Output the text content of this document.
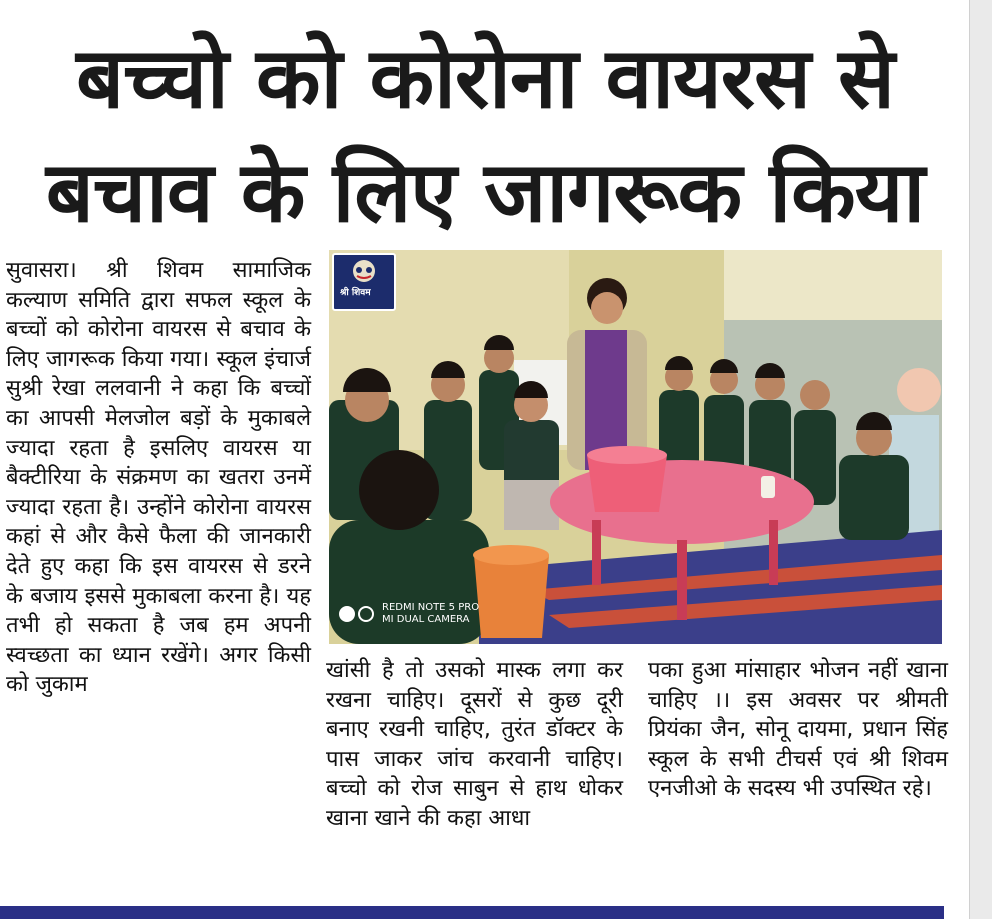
बच्चो को कोरोना वायरस से
बचाव के लिए जागरूक किया

सुवासरा। श्री शिवम सामाजिक कल्याण समिति द्वारा सफल स्कूल के बच्चों को कोरोना वायरस से बचाव के लिए जागरूक किया गया। स्कूल इंचार्ज सुश्री रेखा ललवानी ने कहा कि बच्चों का आपसी मेलजोल बड़ों के मुकाबले ज्यादा रहता है इसलिए वायरस या बैक्टीरिया के संक्रमण का खतरा उनमें ज्यादा रहता है। उन्होंने कोरोना वायरस कहां से और कैसे फैला की जानकारी देते हुए कहा कि इस वायरस से डरने के बजाय इससे मुकाबला करना है। यह तभी हो सकता है जब हम अपनी स्वच्छता का ध्यान रखेंगे। अगर किसी को जुकाम

श्री शिवम
REDMI NOTE 5 PRO
MI DUAL CAMERA

खांसी है तो उसको मास्क लगा कर रखना चाहिए। दूसरों से कुछ दूरी बनाए रखनी चाहिए, तुरंत डॉक्टर के पास जाकर जांच करवानी चाहिए। बच्चो को रोज साबुन से हाथ धोकर खाना खाने की कहा आधा

पका हुआ मांसाहार भोजन नहीं खाना चाहिए ।। इस अवसर पर श्रीमती प्रियंका जैन, सोनू दायमा, प्रधान सिंह स्कूल के सभी टीचर्स एवं श्री शिवम एनजीओ के सदस्य भी उपस्थित रहे।
